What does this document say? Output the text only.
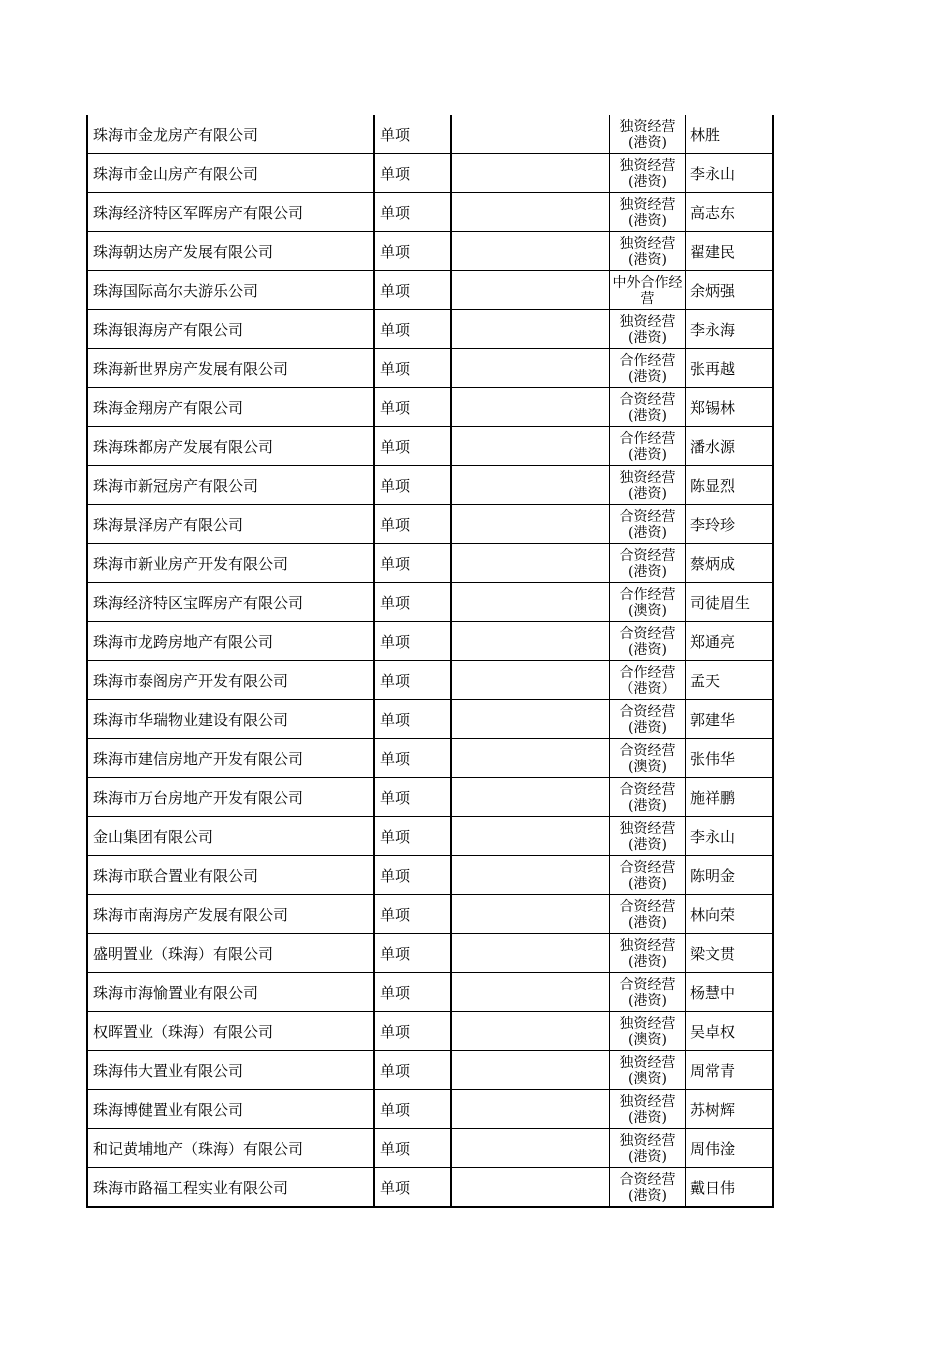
珠海市金龙房产有限公司	单项		独资经营(港资)	林胜
珠海市金山房产有限公司	单项		独资经营(港资)	李永山
珠海经济特区军晖房产有限公司	单项		独资经营(港资)	高志东
珠海朝达房产发展有限公司	单项		独资经营(港资)	翟建民
珠海国际高尔夫游乐公司	单项		中外合作经营	余炳强
珠海银海房产有限公司	单项		独资经营(港资)	李永海
珠海新世界房产发展有限公司	单项		合作经营(港资)	张再越
珠海金翔房产有限公司	单项		合资经营(港资)	郑锡林
珠海珠都房产发展有限公司	单项		合作经营(港资)	潘水源
珠海市新冠房产有限公司	单项		独资经营(港资)	陈显烈
珠海景泽房产有限公司	单项		合资经营(港资)	李玲珍
珠海市新业房产开发有限公司	单项		合资经营(港资)	蔡炳成
珠海经济特区宝晖房产有限公司	单项		合作经营(澳资)	司徒眉生
珠海市龙跨房地产有限公司	单项		合资经营(港资)	郑通亮
珠海市泰阁房产开发有限公司	单项		合作经营（港资）	孟天
珠海市华瑞物业建设有限公司	单项		合资经营(港资)	郭建华
珠海市建信房地产开发有限公司	单项		合资经营(澳资)	张伟华
珠海市万台房地产开发有限公司	单项		合资经营(港资)	施祥鹏
金山集团有限公司	单项		独资经营(港资)	李永山
珠海市联合置业有限公司	单项		合资经营(港资)	陈明金
珠海市南海房产发展有限公司	单项		合资经营(港资)	林向荣
盛明置业（珠海）有限公司	单项		独资经营(港资)	梁文贯
珠海市海愉置业有限公司	单项		合资经营(港资)	杨慧中
权晖置业（珠海）有限公司	单项		独资经营(澳资)	吴卓权
珠海伟大置业有限公司	单项		独资经营(澳资)	周常青
珠海博健置业有限公司	单项		独资经营(港资)	苏树辉
和记黄埔地产（珠海）有限公司	单项		独资经营(港资)	周伟淦
珠海市路福工程实业有限公司	单项		合资经营(港资)	戴日伟
